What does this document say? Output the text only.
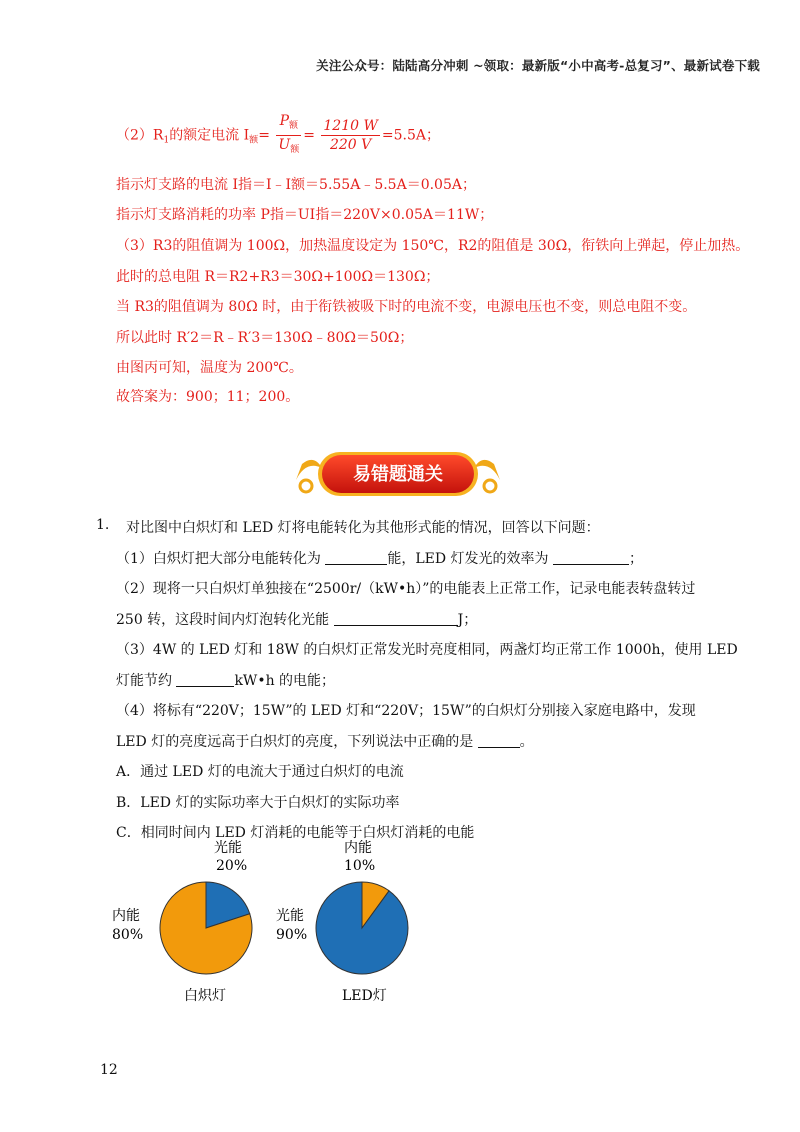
关注公众号：陆陆高分冲刺 ~领取：最新版“小中高考-总复习”、最新试卷下载
$(2)R_1$的额定电流 $I_额= \frac{P_额}{U_额} = \frac{1210 W}{220 V} =5.5A$；
指示灯支路的电流 I指＝I﹣I额＝5.55A﹣5.5A＝0.05A；
指示灯支路消耗的功率 P指＝UI指＝220V×0.05A＝11W；
（3）R3的阻值调为 100Ω，加热温度设定为 150℃，R2的阻值是 30Ω，衔铁向上弹起，停止加热。
此时的总电阻 R＝R2+R3＝30Ω+100Ω＝130Ω；
当 R3的阻值调为 80Ω 时，由于衔铁被吸下时的电流不变，电源电压也不变，则总电阻不变。
所以此时 R′2＝R﹣R′3＝130Ω﹣80Ω＝50Ω；
由图丙可知，温度为 200℃。
故答案为：900；11；200。
易错题通关
1. 对比图中白炽灯和 LED 灯将电能转化为其他形式能的情况，回答以下问题：
（1）白炽灯把大部分电能转化为	能，LED 灯发光的效率为	；
（2）现将一只白炽灯单独接在“2500r/（kW•h）”的电能表上正常工作，记录电能表转盘转过
250 转，这段时间内灯泡转化光能	J；
（3）4W 的 LED 灯和 18W 的白炽灯正常发光时亮度相同，两盏灯均正常工作 1000h，使用 LED
灯能节约	kW•h 的电能；
（4）将标有“220V；15W”的 LED 灯和“220V；15W”的白炽灯分别接入家庭电路中，发现
LED 灯的亮度远高于白炽灯的亮度，下列说法中正确的是	。
A．通过 LED 灯的电流大于通过白炽灯的电流
B．LED 灯的实际功率大于白炽灯的实际功率
C．相同时间内 LED 灯消耗的电能等于白炽灯消耗的电能
光能
20%
内能
80%
白炽灯
内能
10%
光能
90%
LED灯
12
